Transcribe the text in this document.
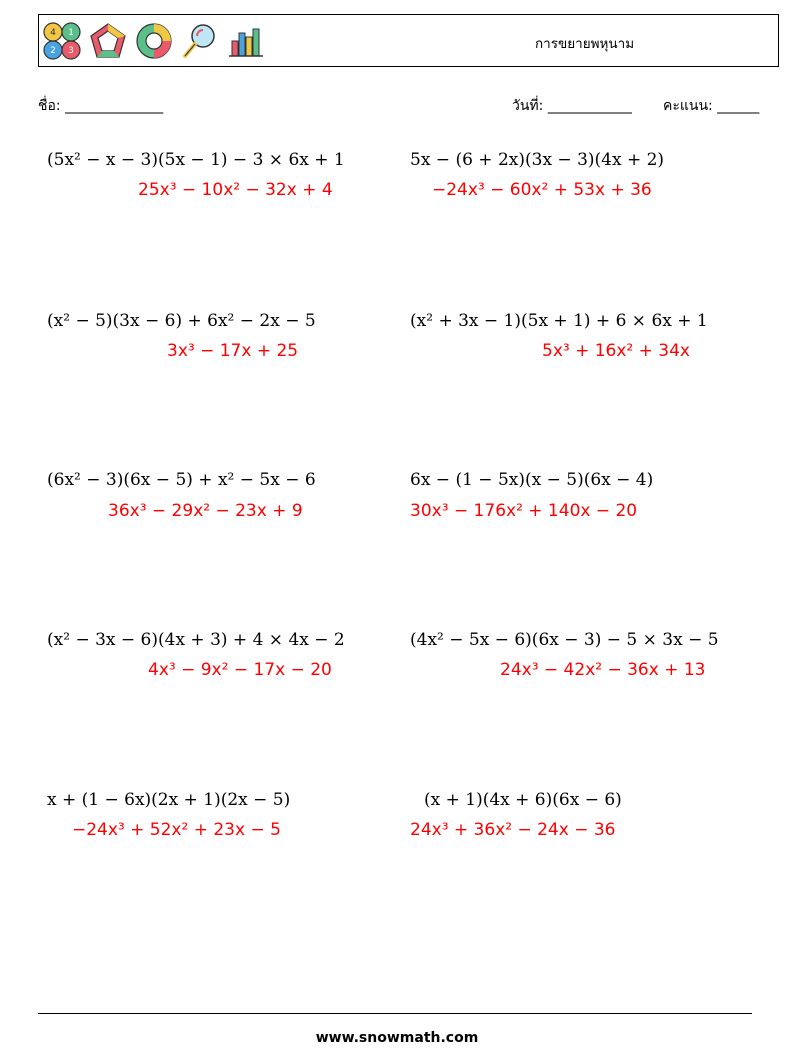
4 1
2 3	การขยายพหุนาม
ชื่อ: ______________	วันที่: ____________ คะแนน: ______
(5x² − x − 3)(5x − 1) − 3 × 6x + 1
25x³ − 10x² − 32x + 4
(x² − 5)(3x − 6) + 6x² − 2x − 5
3x³ − 17x + 25
(6x² − 3)(6x − 5) + x² − 5x − 6
36x³ − 29x² − 23x + 9
(x² − 3x − 6)(4x + 3) + 4 × 4x − 2
4x³ − 9x² − 17x − 20
x + (1 − 6x)(2x + 1)(2x − 5)
−24x³ + 52x² + 23x − 5
5x − (6 + 2x)(3x − 3)(4x + 2)
−24x³ − 60x² + 53x + 36
(x² + 3x − 1)(5x + 1) + 6 × 6x + 1
5x³ + 16x² + 34x
6x − (1 − 5x)(x − 5)(6x − 4)
30x³ − 176x² + 140x − 20
(4x² − 5x − 6)(6x − 3) − 5 × 3x − 5
24x³ − 42x² − 36x + 13
(x + 1)(4x + 6)(6x − 6)
24x³ + 36x² − 24x − 36
www.snowmath.com
